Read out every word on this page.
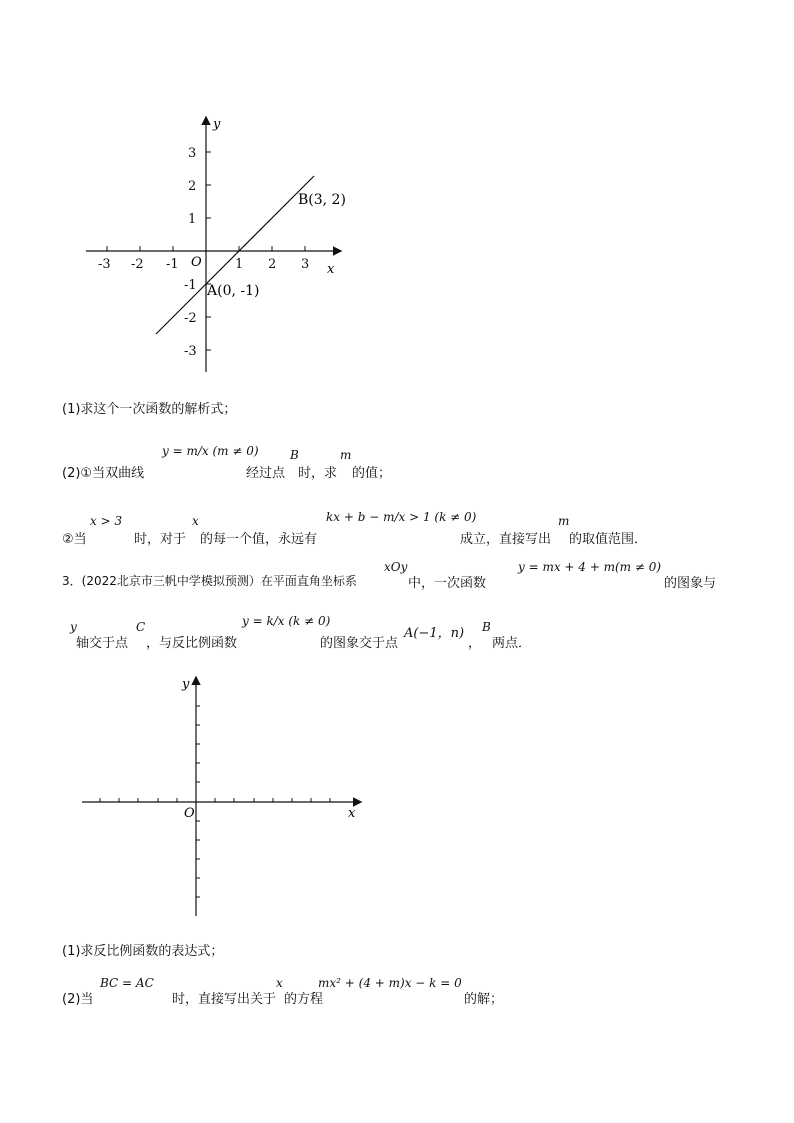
-3 -2 -1	1 2 3
3
2
1
-1
-2
-3
O	x
y
B(3, 2)
A(0, -1)
(1)求这个一次函数的解析式；
(2)①当双曲线
y = m/x (m ≠ 0)
经过点
B
时，求
m
的值；
②当
x > 3
时，对于
x
的每一个值，永远有
kx + b − m/x > 1 (k ≠ 0)
成立，直接写出
m
的取值范围．
3．(2022北京市三帆中学模拟预测）在平面直角坐标系
xOy
中，一次函数
y = mx + 4 + m(m ≠ 0)
的图象与
y
轴交于点
C
，与反比例函数
y = k/x (k ≠ 0)
的图象交于点
A(−1，n)
，
B
两点．
O	x
y
(1)求反比例函数的表达式；
(2)当
BC = AC
时，直接写出关于
x
的方程
mx² + (4 + m)x − k = 0
的解；
